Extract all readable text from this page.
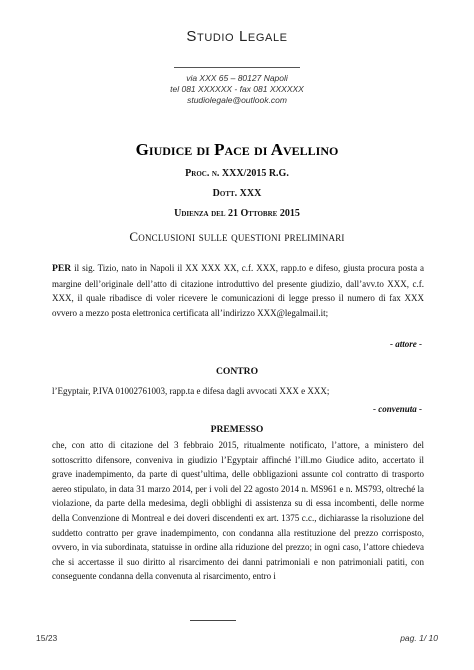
Studio Legale
via XXX 65 – 80127 Napoli
tel 081 XXXXXX - fax 081 XXXXXX
studiolegale@outlook.com
Giudice di Pace di Avellino
Proc. n. XXX/2015 R.G.
Dott. XXX
Udienza del 21 Ottobre 2015
Conclusioni sulle questioni preliminari
PER il sig. Tizio, nato in Napoli il XX XXX XX, c.f. XXX, rapp.to e difeso, giusta procura posta a margine dell’originale dell’atto di citazione introduttivo del presente giudizio, dall’avv.to XXX, c.f. XXX, il quale ribadisce di voler ricevere le comunicazioni di legge presso il numero di fax XXX ovvero a mezzo posta elettronica certificata all’indirizzo XXX@legalmail.it;
- attore -
CONTRO
l’Egyptair, P.IVA 01002761003, rapp.ta e difesa dagli avvocati XXX e XXX;
- convenuta -
PREMESSO
che, con atto di citazione del 3 febbraio 2015, ritualmente notificato, l’attore, a ministero del sottoscritto difensore, conveniva in giudizio l’Egyptair affinché l’ill.mo Giudice adito, accertato il grave inadempimento, da parte di quest’ultima, delle obbligazioni assunte col contratto di trasporto aereo stipulato, in data 31 marzo 2014, per i voli del 22 agosto 2014 n. MS961 e n. MS793, oltreché la violazione, da parte della medesima, degli obblighi di assistenza su di essa incombenti, delle norme della Convenzione di Montreal e dei doveri discendenti ex art. 1375 c.c., dichiarasse la risoluzione del suddetto contratto per grave inadempimento, con condanna alla restituzione del prezzo corrisposto, ovvero, in via subordinata, statuisse in ordine alla riduzione del prezzo; in ogni caso, l’attore chiedeva che si accertasse il suo diritto al risarcimento dei danni patrimoniali e non patrimoniali patiti, con conseguente condanna della convenuta al risarcimento, entro i
15/23	pag. 1/ 10
